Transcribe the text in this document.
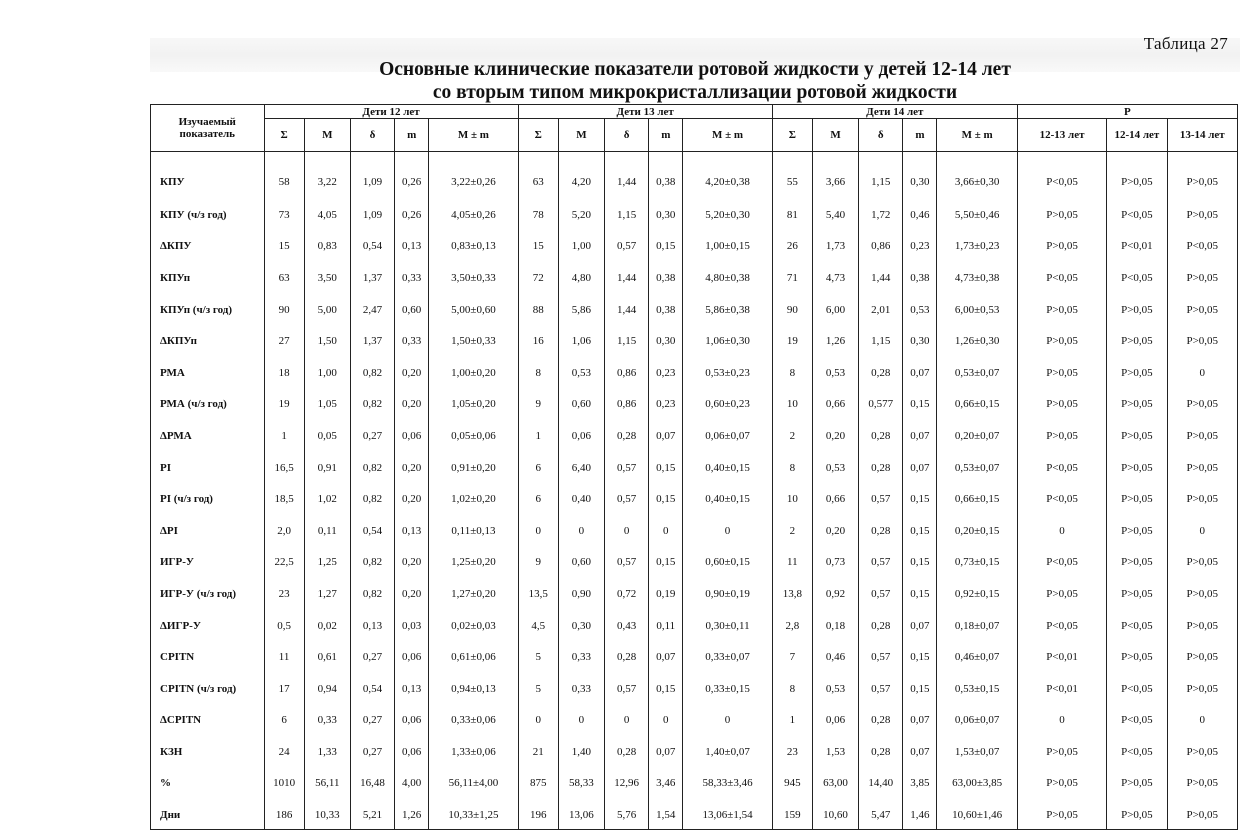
Таблица 27
Основные клинические показатели ротовой жидкости у детей 12-14 лет
со вторым типом микрокристаллизации ротовой жидкости
Изучаемый показатель	Дети 12 лет					Дети 13 лет					Дети 14 лет					P		
	Σ	M	δ	m	M ± m	Σ	M	δ	m	M ± m	Σ	M	δ	m	M ± m	12-13 лет	12-14 лет	13-14 лет
КПУ	58	3,22	1,09	0,26	3,22±0,26	63	4,20	1,44	0,38	4,20±0,38	55	3,66	1,15	0,30	3,66±0,30	P<0,05	P>0,05	P>0,05
КПУ (ч/з год)	73	4,05	1,09	0,26	4,05±0,26	78	5,20	1,15	0,30	5,20±0,30	81	5,40	1,72	0,46	5,50±0,46	P>0,05	P<0,05	P>0,05
ΔКПУ	15	0,83	0,54	0,13	0,83±0,13	15	1,00	0,57	0,15	1,00±0,15	26	1,73	0,86	0,23	1,73±0,23	P>0,05	P<0,01	P<0,05
КПУп	63	3,50	1,37	0,33	3,50±0,33	72	4,80	1,44	0,38	4,80±0,38	71	4,73	1,44	0,38	4,73±0,38	P<0,05	P<0,05	P>0,05
КПУп (ч/з год)	90	5,00	2,47	0,60	5,00±0,60	88	5,86	1,44	0,38	5,86±0,38	90	6,00	2,01	0,53	6,00±0,53	P>0,05	P>0,05	P>0,05
ΔКПУп	27	1,50	1,37	0,33	1,50±0,33	16	1,06	1,15	0,30	1,06±0,30	19	1,26	1,15	0,30	1,26±0,30	P>0,05	P>0,05	P>0,05
РМА	18	1,00	0,82	0,20	1,00±0,20	8	0,53	0,86	0,23	0,53±0,23	8	0,53	0,28	0,07	0,53±0,07	P>0,05	P>0,05	0
РМА (ч/з год)	19	1,05	0,82	0,20	1,05±0,20	9	0,60	0,86	0,23	0,60±0,23	10	0,66	0,577	0,15	0,66±0,15	P>0,05	P>0,05	P>0,05
ΔРМА	1	0,05	0,27	0,06	0,05±0,06	1	0,06	0,28	0,07	0,06±0,07	2	0,20	0,28	0,07	0,20±0,07	P>0,05	P>0,05	P>0,05
PI	16,5	0,91	0,82	0,20	0,91±0,20	6	6,40	0,57	0,15	0,40±0,15	8	0,53	0,28	0,07	0,53±0,07	P<0,05	P>0,05	P>0,05
PI (ч/з год)	18,5	1,02	0,82	0,20	1,02±0,20	6	0,40	0,57	0,15	0,40±0,15	10	0,66	0,57	0,15	0,66±0,15	P<0,05	P>0,05	P>0,05
ΔPI	2,0	0,11	0,54	0,13	0,11±0,13	0	0	0	0	0	2	0,20	0,28	0,15	0,20±0,15	0	P>0,05	0
ИГР-У	22,5	1,25	0,82	0,20	1,25±0,20	9	0,60	0,57	0,15	0,60±0,15	11	0,73	0,57	0,15	0,73±0,15	P<0,05	P>0,05	P>0,05
ИГР-У (ч/з год)	23	1,27	0,82	0,20	1,27±0,20	13,5	0,90	0,72	0,19	0,90±0,19	13,8	0,92	0,57	0,15	0,92±0,15	P>0,05	P>0,05	P>0,05
ΔИГР-У	0,5	0,02	0,13	0,03	0,02±0,03	4,5	0,30	0,43	0,11	0,30±0,11	2,8	0,18	0,28	0,07	0,18±0,07	P<0,05	P<0,05	P>0,05
CPITN	11	0,61	0,27	0,06	0,61±0,06	5	0,33	0,28	0,07	0,33±0,07	7	0,46	0,57	0,15	0,46±0,07	P<0,01	P>0,05	P>0,05
CPITN (ч/з год)	17	0,94	0,54	0,13	0,94±0,13	5	0,33	0,57	0,15	0,33±0,15	8	0,53	0,57	0,15	0,53±0,15	P<0,01	P<0,05	P>0,05
ΔCPITN	6	0,33	0,27	0,06	0,33±0,06	0	0	0	0	0	1	0,06	0,28	0,07	0,06±0,07	0	P<0,05	0
КЗН	24	1,33	0,27	0,06	1,33±0,06	21	1,40	0,28	0,07	1,40±0,07	23	1,53	0,28	0,07	1,53±0,07	P>0,05	P<0,05	P>0,05
%	1010	56,11	16,48	4,00	56,11±4,00	875	58,33	12,96	3,46	58,33±3,46	945	63,00	14,40	3,85	63,00±3,85	P>0,05	P>0,05	P>0,05
Дни	186	10,33	5,21	1,26	10,33±1,25	196	13,06	5,76	1,54	13,06±1,54	159	10,60	5,47	1,46	10,60±1,46	P>0,05	P>0,05	P>0,05
